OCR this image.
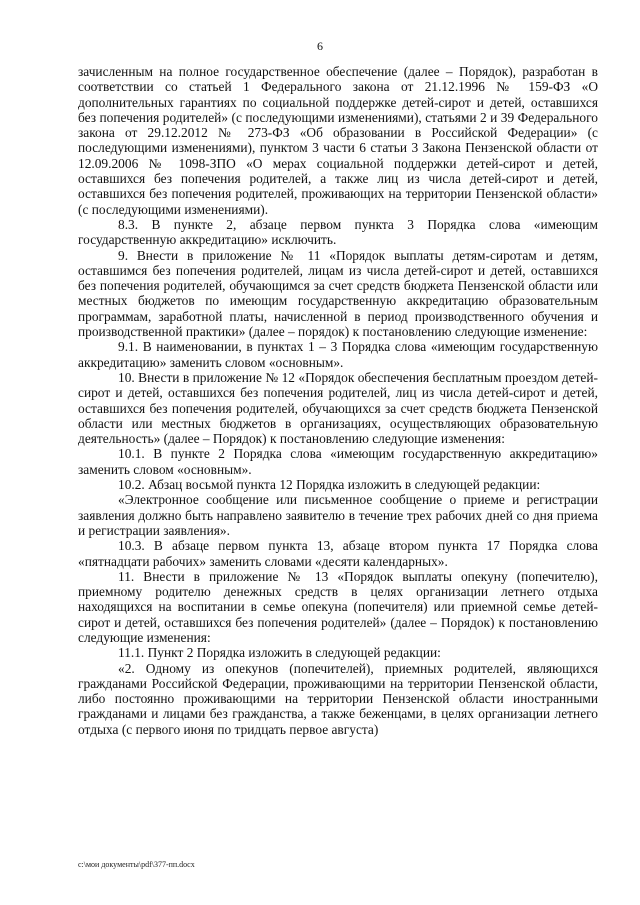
6

зачисленным на полное государственное обеспечение (далее – Порядок), разработан в соответствии со статьей 1 Федерального закона от 21.12.1996 № 159-ФЗ «О дополнительных гарантиях по социальной поддержке детей-сирот и детей, оставшихся без попечения родителей» (с последующими изменениями), статьями 2 и 39 Федерального закона от 29.12.2012 № 273-ФЗ «Об образовании в Российской Федерации» (с последующими изменениями), пунктом 3 части 6 статьи 3 Закона Пензенской области от 12.09.2006 № 1098-ЗПО «О мерах социальной поддержки детей-сирот и детей, оставшихся без попечения родителей, а также лиц из числа детей-сирот и детей, оставшихся без попечения родителей, проживающих на территории Пензенской области» (с последующими изменениями).

8.3. В пункте 2, абзаце первом пункта 3 Порядка слова «имеющим государственную аккредитацию» исключить.

9. Внести в приложение № 11 «Порядок выплаты детям-сиротам и детям, оставшимся без попечения родителей, лицам из числа детей-сирот и детей, оставшихся без попечения родителей, обучающимся за счет средств бюджета Пензенской области или местных бюджетов по имеющим государственную аккредитацию образовательным программам, заработной платы, начисленной в период производственного обучения и производственной практики» (далее – порядок) к постановлению следующие изменение:

9.1. В наименовании, в пунктах 1 – 3 Порядка слова «имеющим государственную аккредитацию» заменить словом «основным».

10. Внести в приложение № 12 «Порядок обеспечения бесплатным проездом детей-сирот и детей, оставшихся без попечения родителей, лиц из числа детей-сирот и детей, оставшихся без попечения родителей, обучающихся за счет средств бюджета Пензенской области или местных бюджетов в организациях, осуществляющих образовательную деятельность» (далее – Порядок) к постановлению следующие изменения:

10.1. В пункте 2 Порядка слова «имеющим государственную аккредитацию» заменить словом «основным».

10.2. Абзац восьмой пункта 12 Порядка изложить в следующей редакции:

«Электронное сообщение или письменное сообщение о приеме и регистрации заявления должно быть направлено заявителю в течение трех рабочих дней со дня приема и регистрации заявления».

10.3. В абзаце первом пункта 13, абзаце втором пункта 17 Порядка слова «пятнадцати рабочих» заменить словами «десяти календарных».

11. Внести в приложение № 13 «Порядок выплаты опекуну (попечителю), приемному родителю денежных средств в целях организации летнего отдыха находящихся на воспитании в семье опекуна (попечителя) или приемной семье детей-сирот и детей, оставшихся без попечения родителей» (далее – Порядок) к постановлению следующие изменения:

11.1. Пункт 2 Порядка изложить в следующей редакции:

«2. Одному из опекунов (попечителей), приемных родителей, являющихся гражданами Российской Федерации, проживающими на территории Пензенской области, либо постоянно проживающими на территории Пензенской области иностранными гражданами и лицами без гражданства, а также беженцами, в целях организации летнего отдыха (с первого июня по тридцать первое августа)

c:\мои документы\pdf\377-пп.docx
